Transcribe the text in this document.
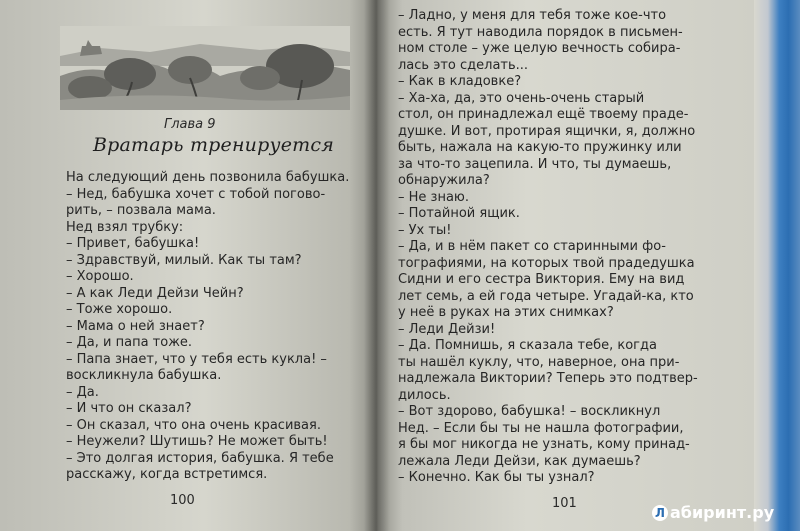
Глава 9
Вратарь тренируется
На следующий день позвонила бабушка.
– Нед, бабушка хочет с тобой погово-
рить, – позвала мама.
Нед взял трубку:
– Привет, бабушка!
– Здравствуй, милый. Как ты там?
– Хорошо.
– А как Леди Дейзи Чейн?
– Тоже хорошо.
– Мама о ней знает?
– Да, и папа тоже.
– Папа знает, что у тебя есть кукла! –
воскликнула бабушка.
– Да.
– И что он сказал?
– Он сказал, что она очень красивая.
– Неужели? Шутишь? Не может быть!
– Это долгая история, бабушка. Я тебе
расскажу, когда встретимся.
100
– Ладно, у меня для тебя тоже кое-что
есть. Я тут наводила порядок в письмен-
ном столе – уже целую вечность собира-
лась это сделать...
– Как в кладовке?
– Ха-ха, да, это очень-очень старый
стол, он принадлежал ещё твоему праде-
душке. И вот, протирая ящички, я, должно
быть, нажала на какую-то пружинку или
за что-то зацепила. И что, ты думаешь,
обнаружила?
– Не знаю.
– Потайной ящик.
– Ух ты!
– Да, и в нём пакет со старинными фо-
тографиями, на которых твой прадедушка
Сидни и его сестра Виктория. Ему на вид
лет семь, а ей года четыре. Угадай-ка, кто
у неё в руках на этих снимках?
– Леди Дейзи!
– Да. Помнишь, я сказала тебе, когда
ты нашёл куклу, что, наверное, она при-
надлежала Виктории? Теперь это подтвер-
дилось.
– Вот здорово, бабушка! – воскликнул
Нед. – Если бы ты не нашла фотографии,
я бы мог никогда не узнать, кому принад-
лежала Леди Дейзи, как думаешь?
– Конечно. Как бы ты узнал?
101
Л абиринт.ру
